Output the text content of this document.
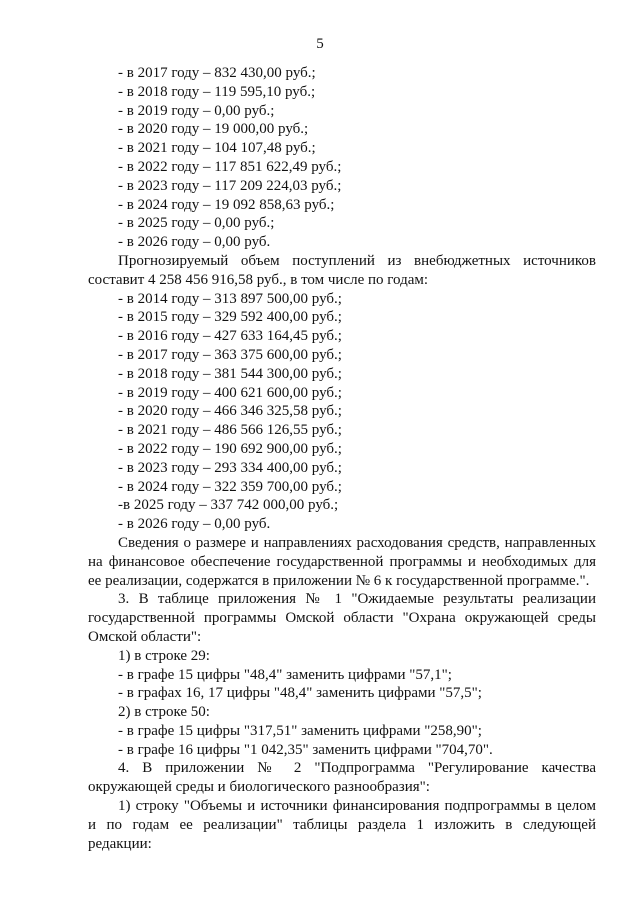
5

- в 2017 году – 832 430,00 руб.;

- в 2018 году – 119 595,10 руб.;

- в 2019 году – 0,00 руб.;

- в 2020 году – 19 000,00 руб.;

- в 2021 году – 104 107,48 руб.;

- в 2022 году – 117 851 622,49 руб.;

- в 2023 году – 117 209 224,03 руб.;

- в 2024 году – 19 092 858,63 руб.;

- в 2025 году – 0,00 руб.;

- в 2026 году – 0,00 руб.

Прогнозируемый объем поступлений из внебюджетных источников составит 4 258 456 916,58 руб., в том числе по годам:

- в 2014 году – 313 897 500,00 руб.;

- в 2015 году – 329 592 400,00 руб.;

- в 2016 году – 427 633 164,45 руб.;

- в 2017 году – 363 375 600,00 руб.;

- в 2018 году – 381 544 300,00 руб.;

- в 2019 году – 400 621 600,00 руб.;

- в 2020 году – 466 346 325,58 руб.;

- в 2021 году – 486 566 126,55 руб.;

- в 2022 году – 190 692 900,00 руб.;

- в 2023 году – 293 334 400,00 руб.;

- в 2024 году – 322 359 700,00 руб.;

-в 2025 году – 337 742 000,00 руб.;

- в 2026 году – 0,00 руб.

Сведения о размере и направлениях расходования средств, направленных на финансовое обеспечение государственной программы и необходимых для ее реализации, содержатся в приложении № 6 к государственной программе.".

3. В таблице приложения № 1 "Ожидаемые результаты реализации государственной программы Омской области "Охрана окружающей среды Омской области":

1) в строке 29:

- в графе 15 цифры "48,4" заменить цифрами "57,1";

- в графах 16, 17 цифры "48,4" заменить цифрами "57,5";

2) в строке 50:

- в графе 15 цифры "317,51" заменить цифрами "258,90";

- в графе 16 цифры "1 042,35" заменить цифрами "704,70".

4. В приложении № 2 "Подпрограмма "Регулирование качества окружающей среды и биологического разнообразия":

1) строку "Объемы и источники финансирования подпрограммы в целом и по годам ее реализации" таблицы раздела 1 изложить в следующей редакции:
